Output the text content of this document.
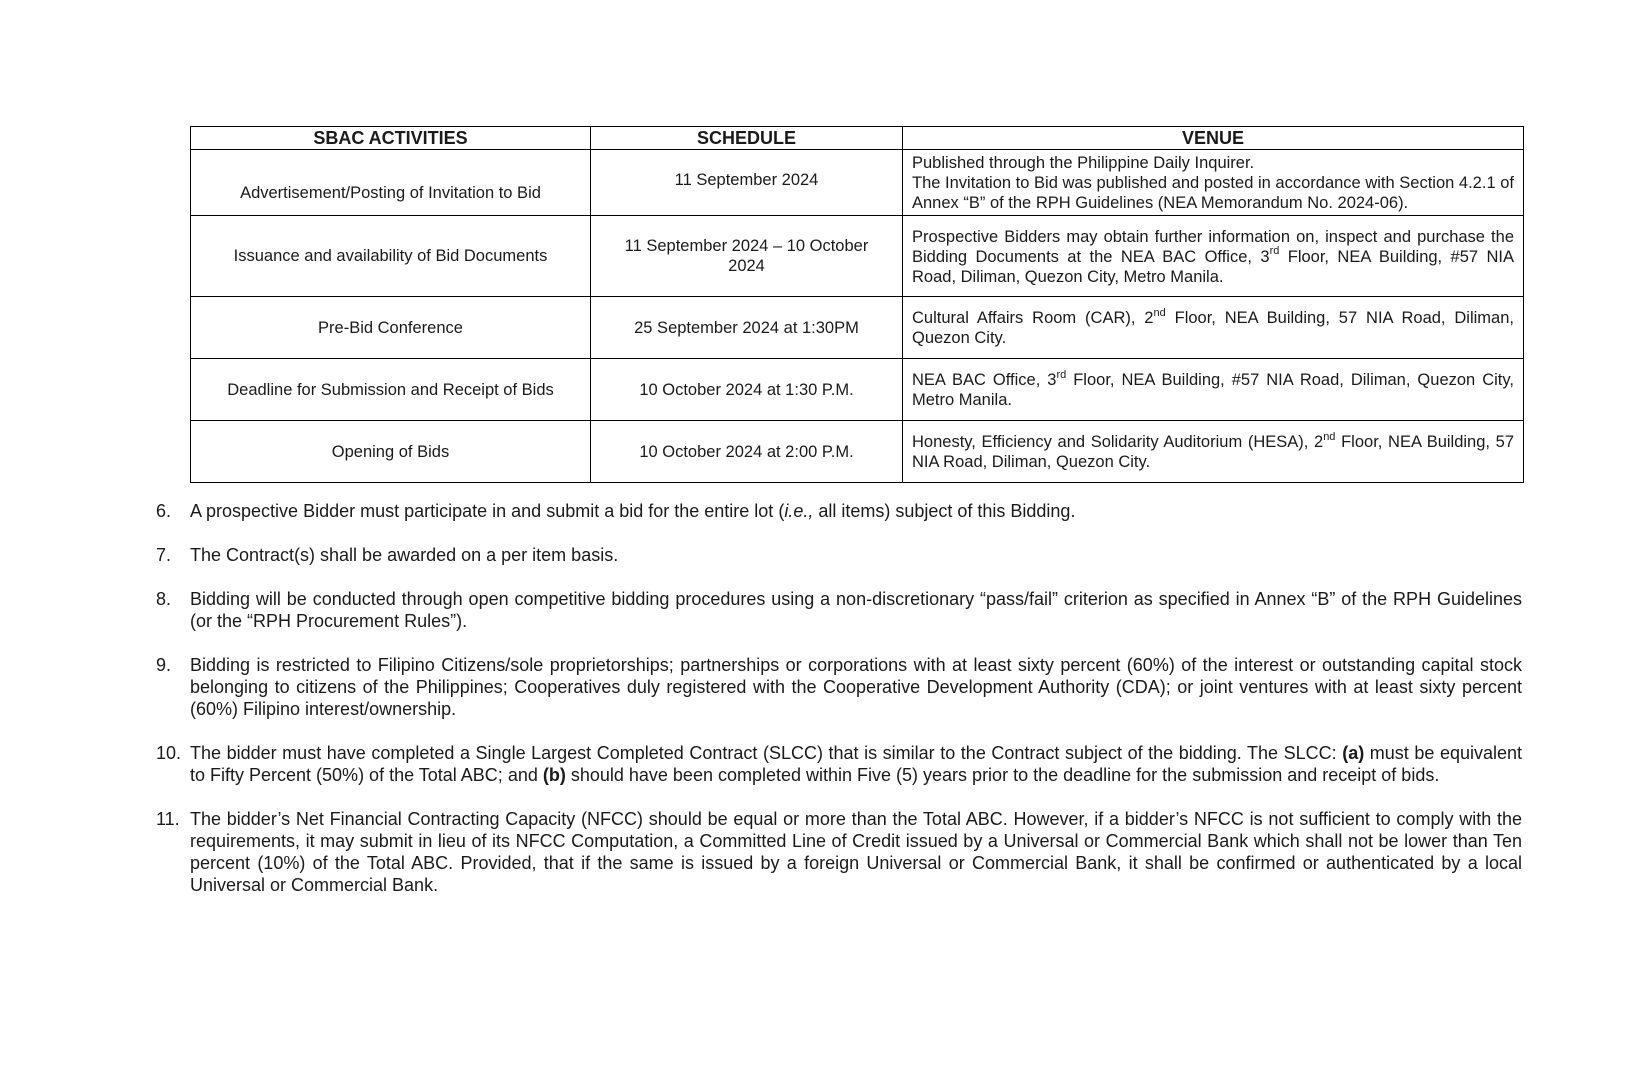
SBAC ACTIVITIES	SCHEDULE	VENUE
Advertisement/Posting of Invitation to Bid	11 September 2024	Published through the Philippine Daily Inquirer.
The Invitation to Bid was published and posted in accordance with Section 4.2.1 of Annex “B” of the RPH Guidelines (NEA Memorandum No. 2024-06).

Issuance and availability of Bid Documents	11 September 2024 – 10 October 2024	Prospective Bidders may obtain further information on, inspect and purchase the Bidding Documents at the NEA BAC Office, 3rd Floor, NEA Building, #57 NIA Road, Diliman, Quezon City, Metro Manila.
Pre-Bid Conference	25 September 2024 at 1:30PM	Cultural Affairs Room (CAR), 2nd Floor, NEA Building, 57 NIA Road, Diliman, Quezon City.
Deadline for Submission and Receipt of Bids	10 October 2024 at 1:30 P.M.	NEA BAC Office, 3rd Floor, NEA Building, #57 NIA Road, Diliman, Quezon City, Metro Manila.
Opening of Bids	10 October 2024 at 2:00 P.M.	Honesty, Efficiency and Solidarity Auditorium (HESA), 2nd Floor, NEA Building, 57 NIA Road, Diliman, Quezon City.
6. A prospective Bidder must participate in and submit a bid for the entire lot (i.e., all items) subject of this Bidding.
7. The Contract(s) shall be awarded on a per item basis.
8. Bidding will be conducted through open competitive bidding procedures using a non-discretionary “pass/fail” criterion as specified in Annex “B” of the RPH Guidelines (or the “RPH Procurement Rules”).
9. Bidding is restricted to Filipino Citizens/sole proprietorships; partnerships or corporations with at least sixty percent (60%) of the interest or outstanding capital stock belonging to citizens of the Philippines; Cooperatives duly registered with the Cooperative Development Authority (CDA); or joint ventures with at least sixty percent (60%) Filipino interest/ownership.
10. The bidder must have completed a Single Largest Completed Contract (SLCC) that is similar to the Contract subject of the bidding. The SLCC: (a) must be equivalent to Fifty Percent (50%) of the Total ABC; and (b) should have been completed within Five (5) years prior to the deadline for the submission and receipt of bids.
11. The bidder’s Net Financial Contracting Capacity (NFCC) should be equal or more than the Total ABC. However, if a bidder’s NFCC is not sufficient to comply with the requirements, it may submit in lieu of its NFCC Computation, a Committed Line of Credit issued by a Universal or Commercial Bank which shall not be lower than Ten percent (10%) of the Total ABC. Provided, that if the same is issued by a foreign Universal or Commercial Bank, it shall be confirmed or authenticated by a local Universal or Commercial Bank.
